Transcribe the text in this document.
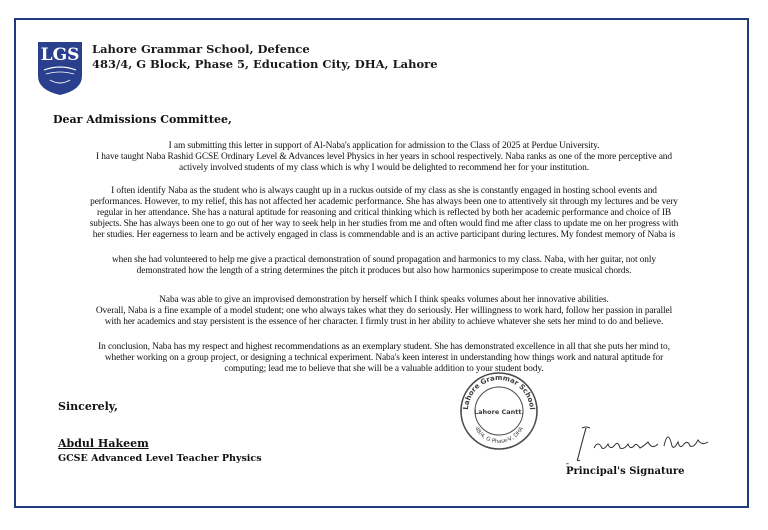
LGS Lahore Grammar School, Defence
483/4, G Block, Phase 5, Education City, DHA, Lahore
Dear Admissions Committee,
I am submitting this letter in support of Al-Naba's application for admission to the Class of 2025 at Perdue University.
I have taught Naba Rashid GCSE Ordinary Level & Advances level Physics in her years in school respectively. Naba ranks as one of the more perceptive and
actively involved students of my class which is why I would be delighted to recommend her for your institution.
I often identify Naba as the student who is always caught up in a ruckus outside of my class as she is constantly engaged in hosting school events and
performances. However, to my relief, this has not affected her academic performance. She has always been one to attentively sit through my lectures and be very
regular in her attendance. She has a natural aptitude for reasoning and critical thinking which is reflected by both her academic performance and choice of IB
subjects. She has always been one to go out of her way to seek help in her studies from me and often would find me after class to update me on her progress with
her studies. Her eagerness to learn and be actively engaged in class is commendable and is an active participant during lectures. My fondest memory of Naba is
when she had volunteered to help me give a practical demonstration of sound propagation and harmonics to my class. Naba, with her guitar, not only
demonstrated how the length of a string determines the pitch it produces but also how harmonics superimpose to create musical chords.
Naba was able to give an improvised demonstration by herself which I think speaks volumes about her innovative abilities.
Overall, Naba is a fine example of a model student; one who always takes what they do seriously. Her willingness to work hard, follow her passion in parallel
with her academics and stay persistent is the essence of her character. I firmly trust in her ability to achieve whatever she sets her mind to do and believe.
In conclusion, Naba has my respect and highest recommendations as an exemplary student. She has demonstrated excellence in all that she puts her mind to,
whether working on a group project, or designing a technical experiment. Naba's keen interest in understanding how things work and natural aptitude for
computing; lead me to believe that she will be a valuable addition to your student body.
Sincerely,
Abdul Hakeem
GCSE Advanced Level Teacher Physics
Lahore Grammar School
Lahore Cantt.
48/4, G Phase-V, DHA
-
Principal's Signature
